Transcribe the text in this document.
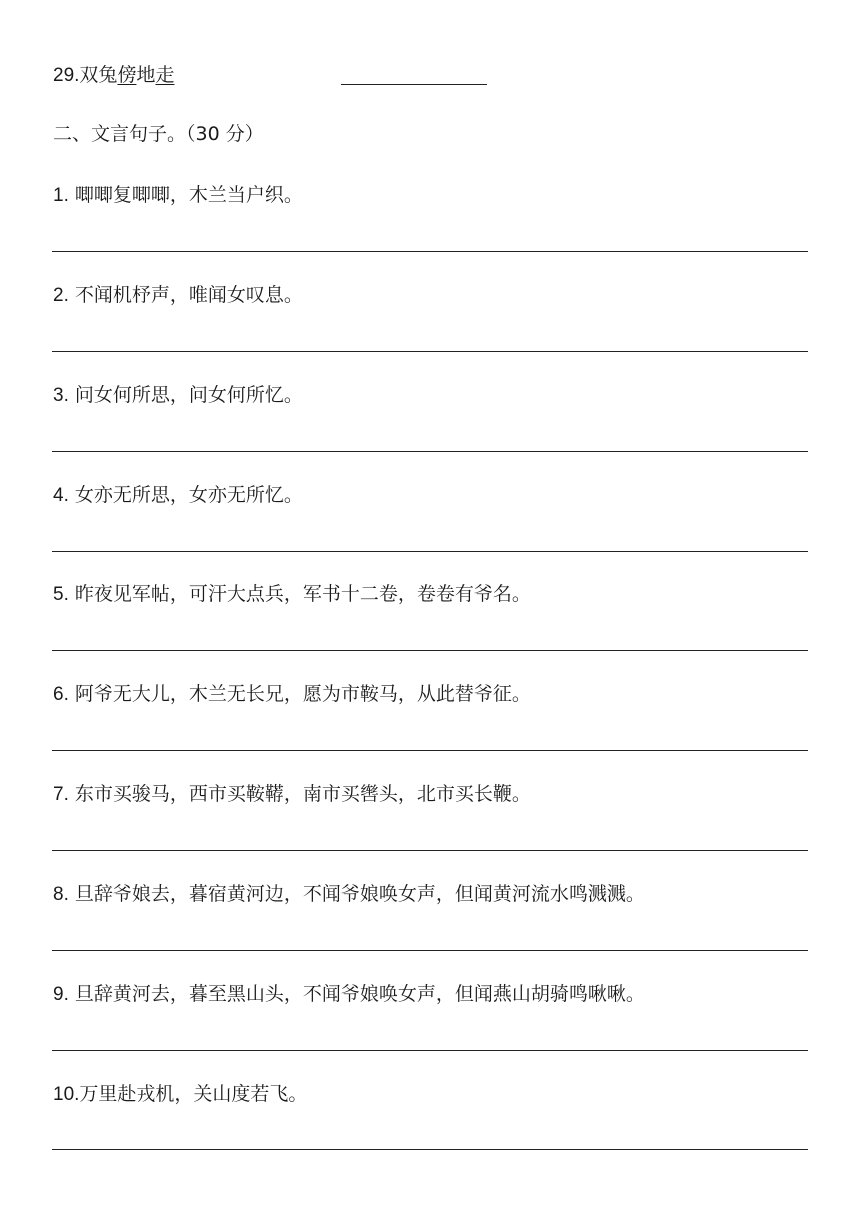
29.双兔傍地走
二、文言句子。（30 分）
1. 唧唧复唧唧，木兰当户织。
2. 不闻机杼声，唯闻女叹息。
3. 问女何所思，问女何所忆。
4. 女亦无所思，女亦无所忆。
5. 昨夜见军帖，可汗大点兵，军书十二卷，卷卷有爷名。
6. 阿爷无大儿，木兰无长兄，愿为市鞍马，从此替爷征。
7. 东市买骏马，西市买鞍鞯，南市买辔头，北市买长鞭。
8. 旦辞爷娘去，暮宿黄河边，不闻爷娘唤女声，但闻黄河流水鸣溅溅。
9. 旦辞黄河去，暮至黑山头，不闻爷娘唤女声，但闻燕山胡骑鸣啾啾。
10.万里赴戎机，关山度若飞。
